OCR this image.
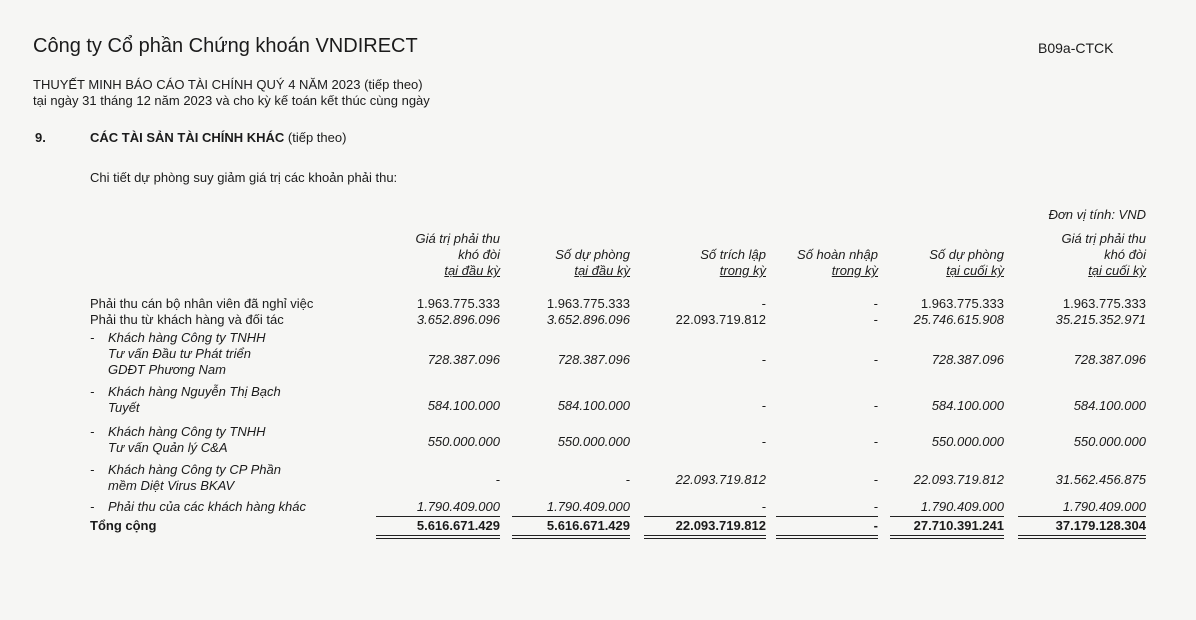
Công ty Cổ phần Chứng khoán VNDIRECT	B09a-CTCK
THUYẾT MINH BÁO CÁO TÀI CHÍNH QUÝ 4 NĂM 2023 (tiếp theo)
tại ngày 31 tháng 12 năm 2023 và cho kỳ kế toán kết thúc cùng ngày
9.	CÁC TÀI SẢN TÀI CHÍNH KHÁC (tiếp theo)
Chi tiết dự phòng suy giảm giá trị các khoản phải thu:
Đơn vị tính: VND
Giá trị phải thu
khó đòi
tại đầu kỳ
Số dự phòng
tại đầu kỳ
Số trích lập
trong kỳ
Số hoàn nhập
trong kỳ
Số dự phòng
tại cuối kỳ
Giá trị phải thu
khó đòi
tại cuối kỳ
Phải thu cán bộ nhân viên đã nghỉ việc	1.963.775.333	1.963.775.333	-	-	1.963.775.333	1.963.775.333
Phải thu từ khách hàng và đối tác	3.652.896.096	3.652.896.096	22.093.719.812	-	25.746.615.908	35.215.352.971
- Khách hàng Công ty TNHH
Tư vấn Đầu tư Phát triển
GDĐT Phương Nam
728.387.096	728.387.096	-	-	728.387.096	728.387.096
- Khách hàng Nguyễn Thị Bạch
Tuyết	584.100.000	584.100.000	-	-	584.100.000	584.100.000
- Khách hàng Công ty TNHH
Tư vấn Quản lý C&A	550.000.000	550.000.000	-	-	550.000.000	550.000.000
- Khách hàng Công ty CP Phần
mềm Diệt Virus BKAV	-	-	22.093.719.812	-	22.093.719.812	31.562.456.875
- Phải thu của các khách hàng khác	1.790.409.000	1.790.409.000	-	-	1.790.409.000	1.790.409.000
Tổng cộng	5.616.671.429	5.616.671.429	22.093.719.812	-	27.710.391.241	37.179.128.304
